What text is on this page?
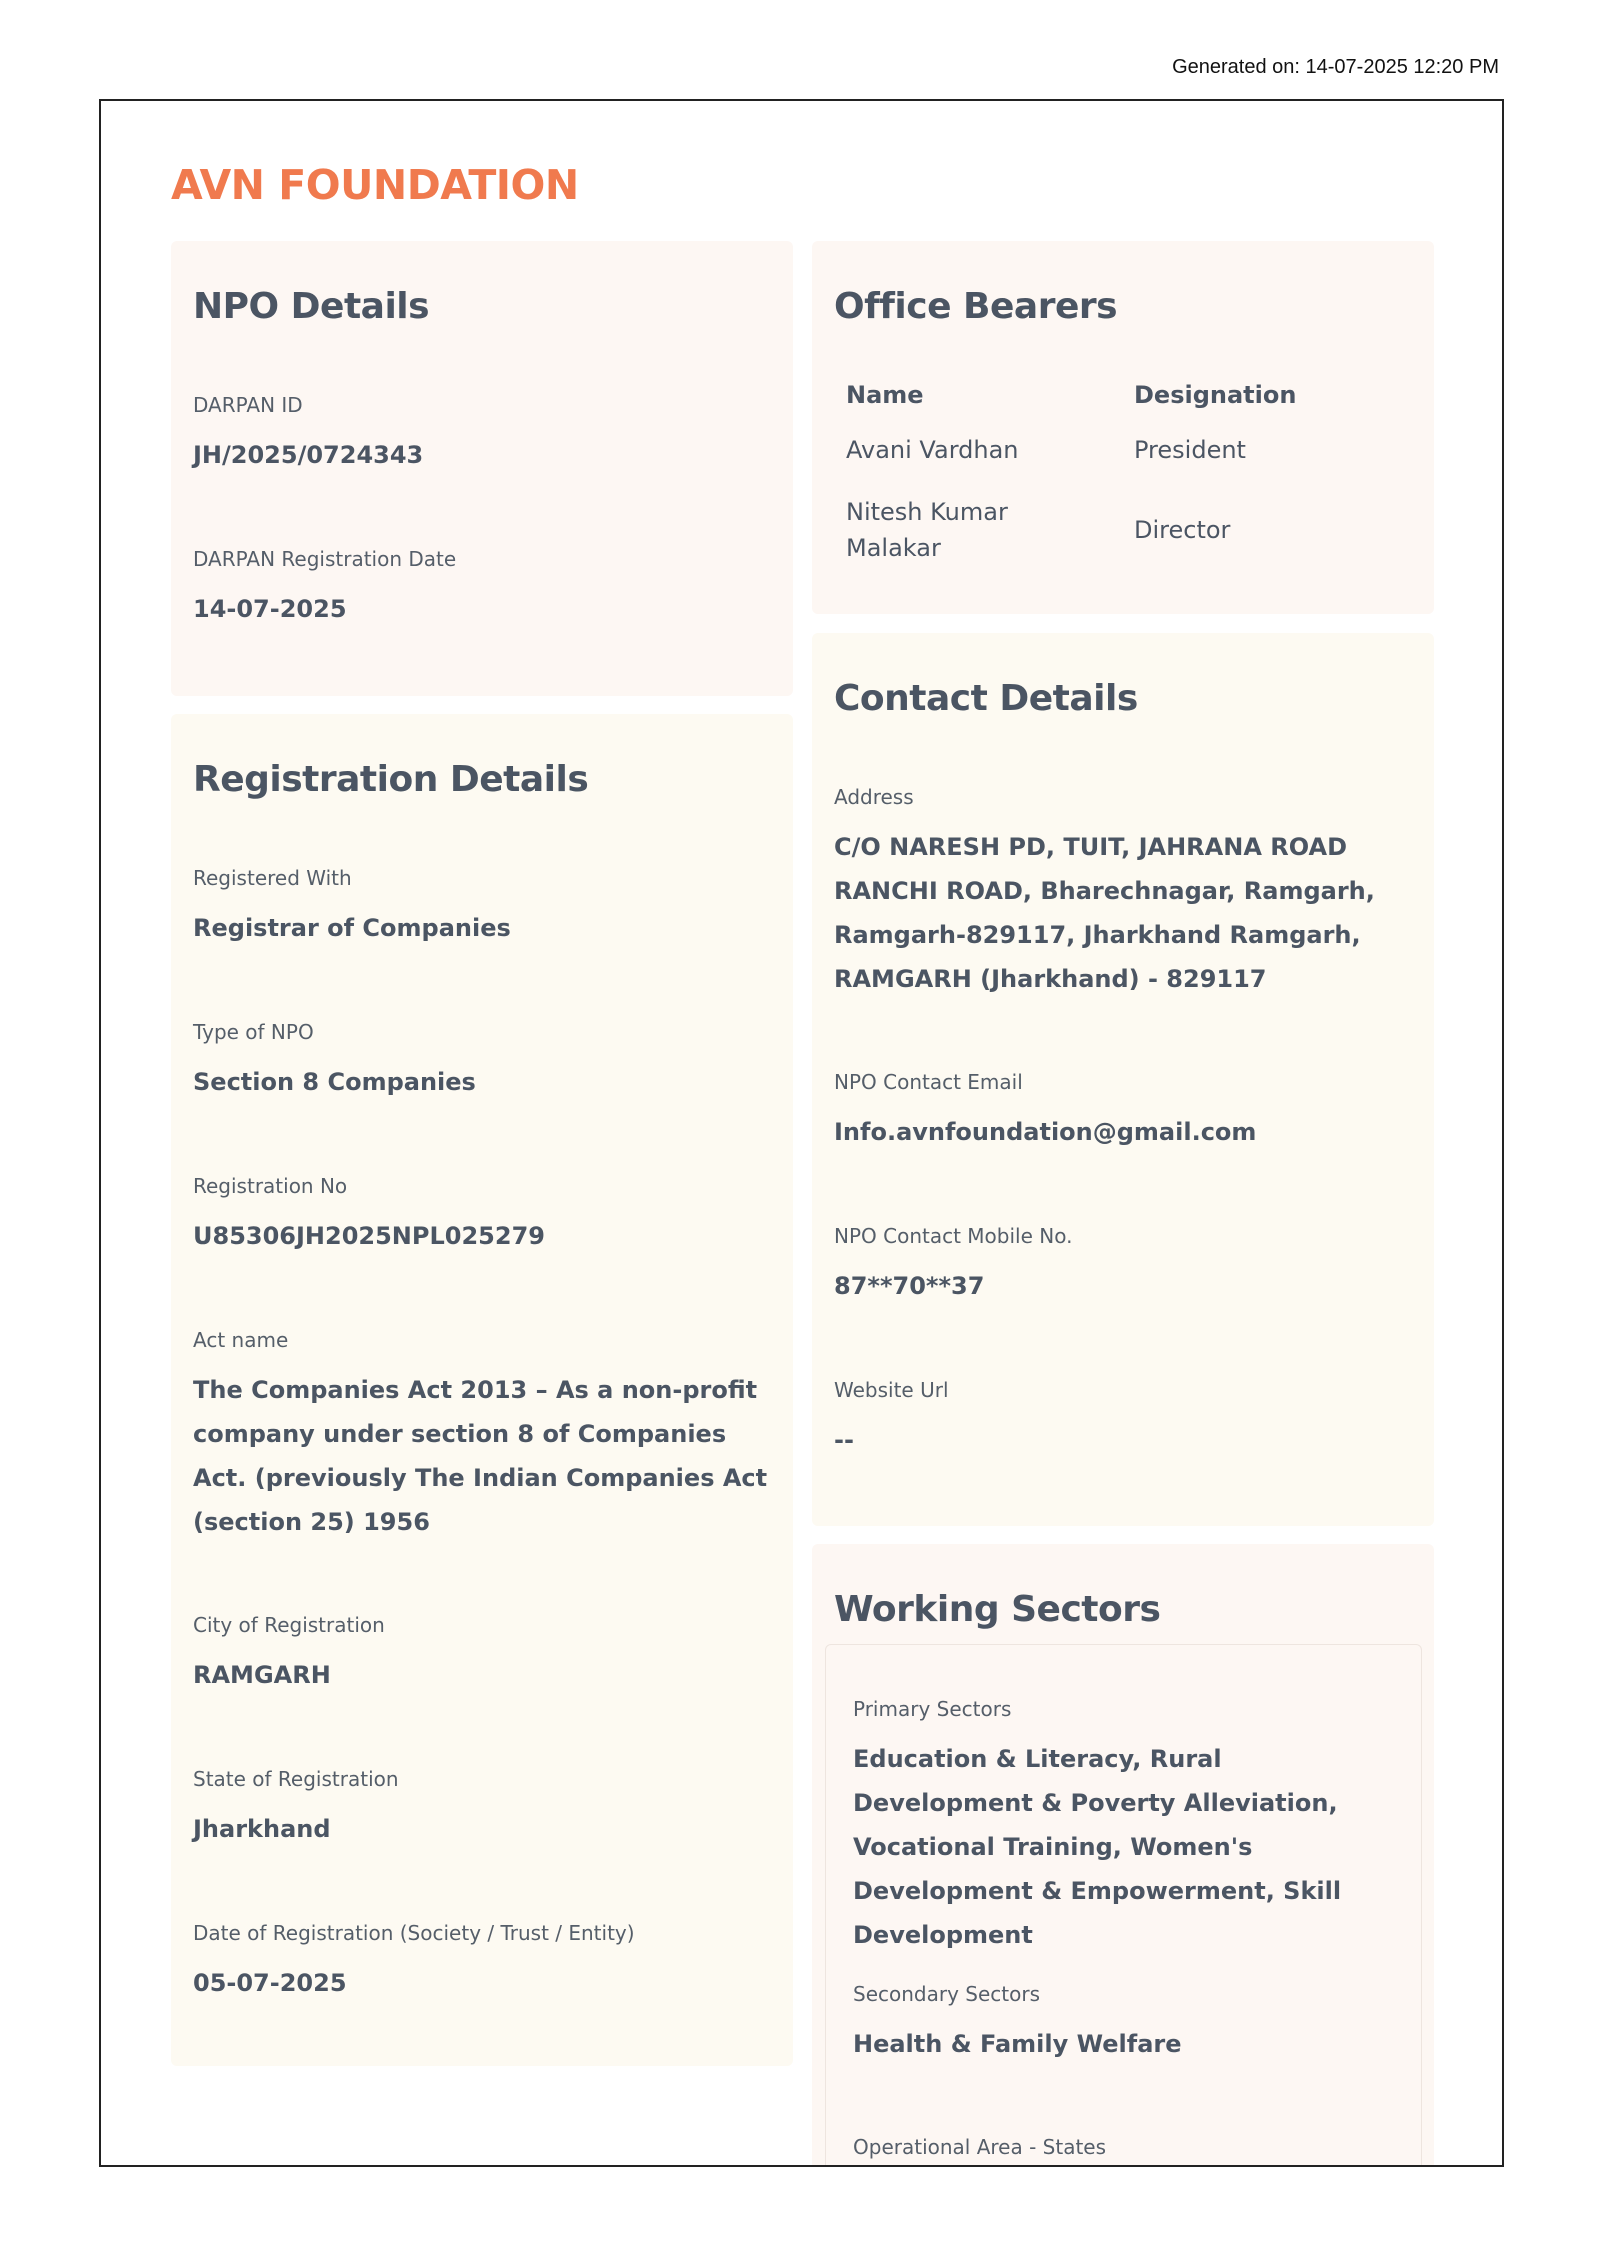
Generated on: 14-07-2025 12:20 PM
AVN FOUNDATION
NPO Details
DARPAN ID
JH/2025/0724343
DARPAN Registration Date
14-07-2025
Registration Details
Registered With
Registrar of Companies
Type of NPO
Section 8 Companies
Registration No
U85306JH2025NPL025279
Act name
The Companies Act 2013 – As a non-profit company under section 8 of Companies Act. (previously The Indian Companies Act (section 25) 1956
City of Registration
RAMGARH
State of Registration
Jharkhand
Date of Registration (Society / Trust / Entity)
05-07-2025
Office Bearers
Name	Designation
Avani Vardhan	President
Nitesh Kumar Malakar
Director
Contact Details
Address
C/O NARESH PD, TUIT, JAHRANA ROAD RANCHI ROAD, Bharechnagar, Ramgarh, Ramgarh-829117, Jharkhand Ramgarh, RAMGARH (Jharkhand) - 829117
NPO Contact Email
Info.avnfoundation@gmail.com
NPO Contact Mobile No.
87**70**37
Website Url
--
Working Sectors
Primary Sectors
Education & Literacy, Rural Development & Poverty Alleviation, Vocational Training, Women's Development & Empowerment, Skill Development
Secondary Sectors
Health & Family Welfare
Operational Area - States
